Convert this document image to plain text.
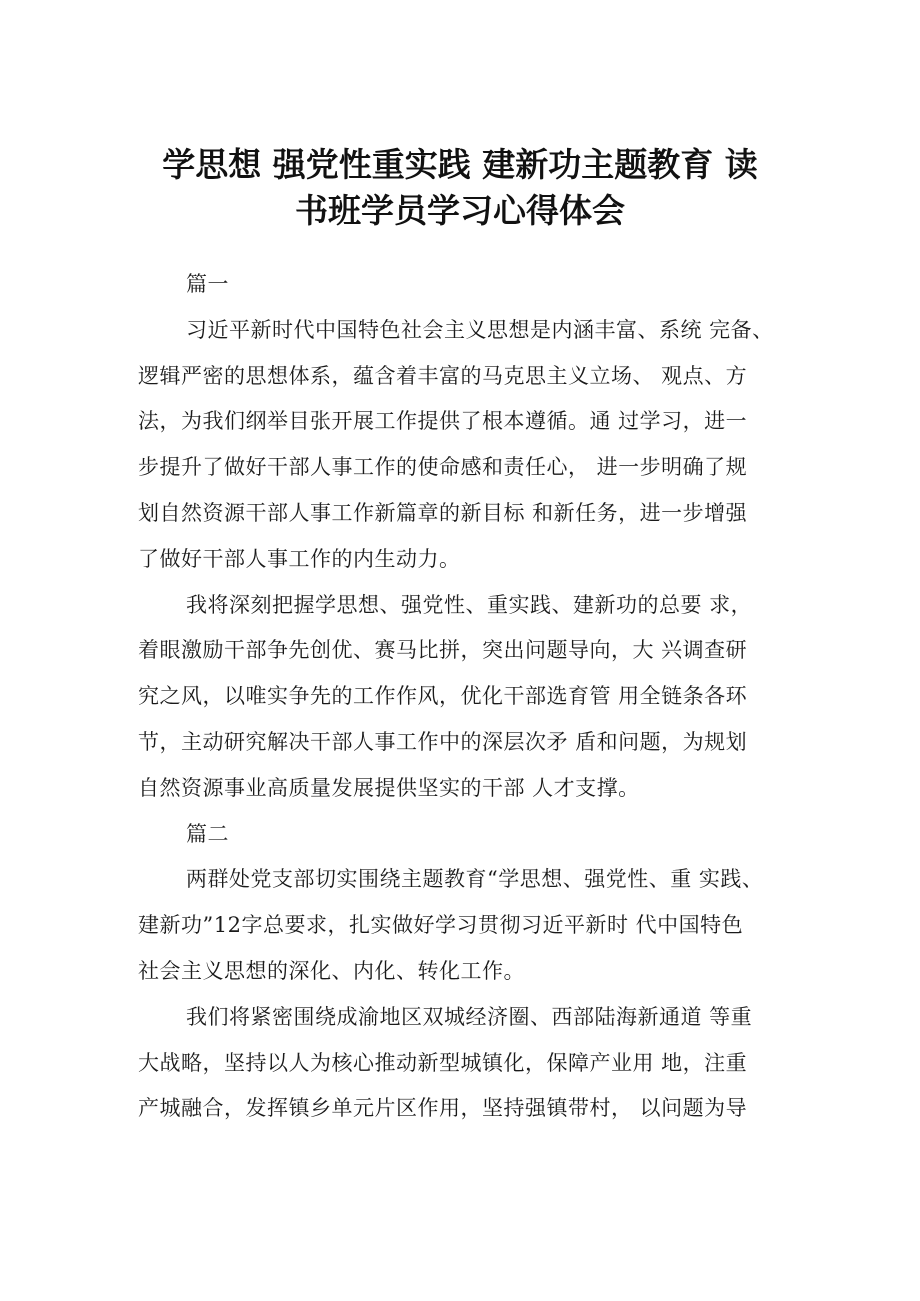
学思想 强党性重实践 建新功主题教育 读
书班学员学习心得体会
篇一
习近平新时代中国特色社会主义思想是内涵丰富、系统 完备、
逻辑严密的思想体系，蕴含着丰富的马克思主义立场、 观点、方
法，为我们纲举目张开展工作提供了根本遵循。通 过学习，进一
步提升了做好干部人事工作的使命感和责任心， 进一步明确了规
划自然资源干部人事工作新篇章的新目标 和新任务，进一步增强
了做好干部人事工作的内生动力。
我将深刻把握学思想、强党性、重实践、建新功的总要 求，
着眼激励干部争先创优、赛马比拼，突出问题导向，大 兴调查研
究之风，以唯实争先的工作作风，优化干部选育管 用全链条各环
节，主动研究解决干部人事工作中的深层次矛 盾和问题，为规划
自然资源事业高质量发展提供坚实的干部 人才支撑。
篇二
两群处党支部切实围绕主题教育“学思想、强党性、重 实践、
建新功”12字总要求，扎实做好学习贯彻习近平新时 代中国特色
社会主义思想的深化、内化、转化工作。
我们将紧密围绕成渝地区双城经济圈、西部陆海新通道 等重
大战略，坚持以人为核心推动新型城镇化，保障产业用 地，注重
产城融合，发挥镇乡单元片区作用，坚持强镇带村， 以问题为导
